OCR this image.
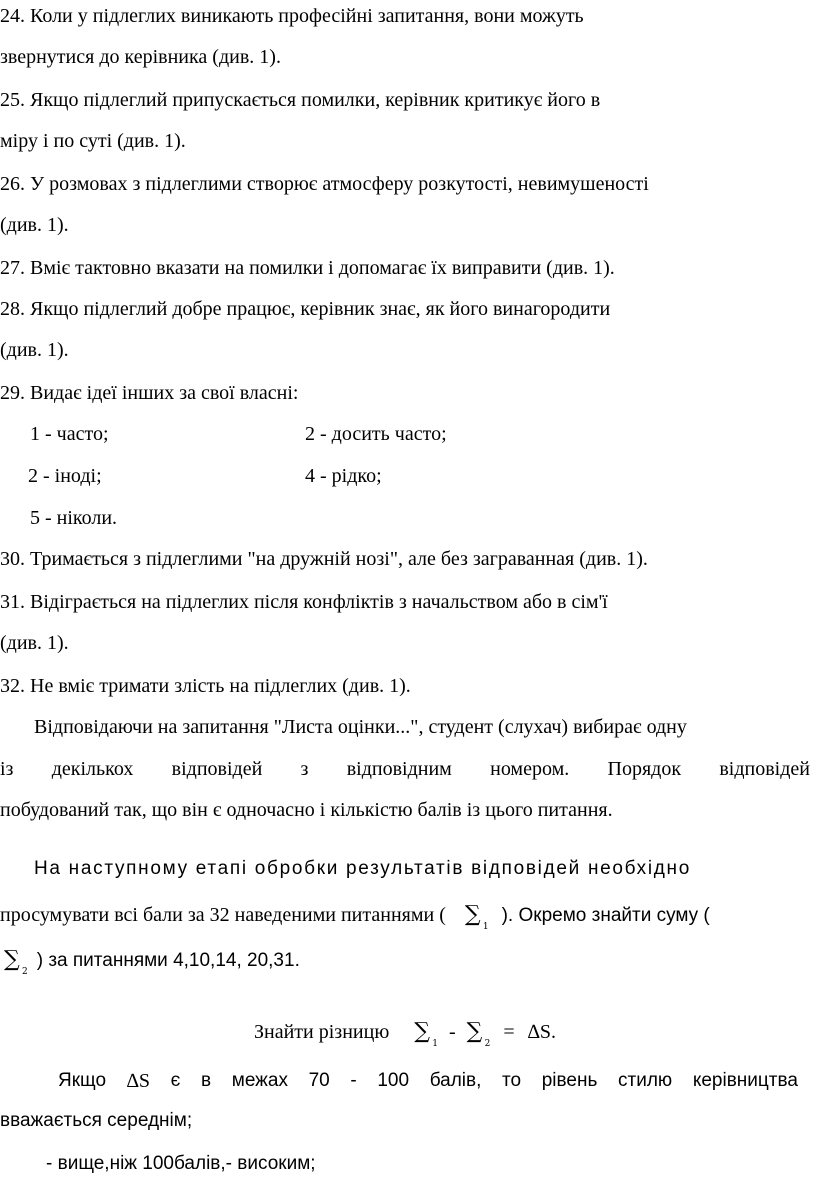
24. Коли у підлеглих виникають професійні запитання, вони можуть
звернутися до керівника (див. 1).
25. Якщо підлеглий припускається помилки, керівник критикує його в
міру і по суті (див. 1).
26. У розмовах з підлеглими створює атмосферу розкутості, невимушеності
(див. 1).
27. Вміє тактовно вказати на помилки і допомагає їх виправити (див. 1).
28. Якщо підлеглий добре працює, керівник знає, як його винагородити
(див. 1).
29. Видає ідеї інших за свої власні:
1 - часто;	2 - досить часто;
2 - іноді;	4 - рідко;
5 - ніколи.
30. Тримається з підлеглими "на дружній нозі", але без заграванная (див. 1).
31. Відіграється на підлеглих після конфліктів з начальством або в сім'ї
(див. 1).
32. Не вміє тримати злість на підлеглих (див. 1).
Відповідаючи на запитання "Листа оцінки...", студент (слухач) вибирає одну
із декількох відповідей з відповідним номером. Порядок відповідей
побудований так, що він є одночасно і кількістю балів із цього питання.
На наступному етапі обробки результатів відповідей необхідно
просумувати всі бали за 32 наведеними питаннями ( ∑ 1
). Окремо знайти суму (
∑ 2
) за питаннями 4,10,14, 20,31.
Знайти різницю ∑ 1
- ∑ 2
= ∆S.
Якщо ∆S є в межах 70 - 100 балів, то рівень стилю керівництва
вважається середнім;
- вище,ніж 100балів,- високим;
